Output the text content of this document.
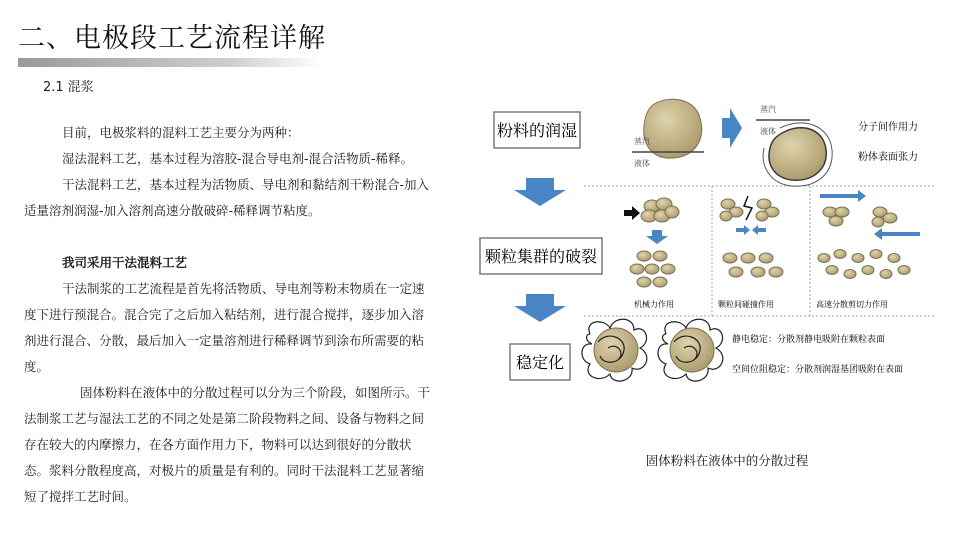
二、电极段工艺流程详解
2.1 混浆

目前，电极浆料的混料工艺主要分为两种：

湿法混料工艺，基本过程为溶胶-混合导电剂-混合活物质-稀释。

干法混料工艺，基本过程为活物质、导电剂和黏结剂干粉混合-加入适量溶剂润湿-加入溶剂高速分散破碎-稀释调节粘度。

我司采用干法混料工艺

干法制浆的工艺流程是首先将活物质、导电剂等粉末物质在一定速度下进行预混合。混合完了之后加入粘结剂，进行混合搅拌，逐步加入溶剂进行混合、分散，最后加入一定量溶剂进行稀释调节到涂布所需要的粘度。

固体粉料在液体中的分散过程可以分为三个阶段，如图所示。干法制浆工艺与湿法工艺的不同之处是第二阶段物料之间、设备与物料之间存在较大的内摩擦力，在各方面作用力下，物料可以达到很好的分散状态。浆料分散程度高，对极片的质量是有利的。同时干法混料工艺显著缩短了搅拌工艺时间。

粉料的润湿
颗粒集群的破裂
稳定化
蒸汽
液体
蒸汽
液体	分子间作用力
粉体表面张力
机械力作用	颗粒间碰撞作用	高速分散剪切力作用
静电稳定：分散剂静电吸附在颗粒表面
空间位阻稳定：分散剂润湿基团吸附在表面
固体粉料在液体中的分散过程
